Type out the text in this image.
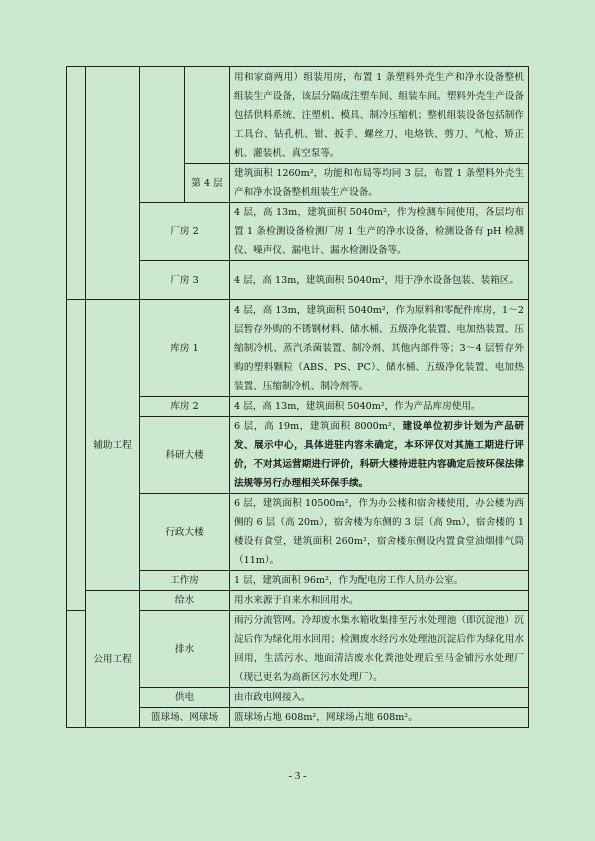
				用和家商两用）组装用房，布置 1 条塑料外壳生产和净水设备整机组装生产设备，该层分隔成注塑车间、组装车间。塑料外壳生产设备包括供料系统、注塑机、模具、制冷压缩机；整机组装设备包括制作工具台、钻孔机、钳、扳手、螺丝刀、电烙铁、剪刀、气枪、矫正机、灌装机、真空泵等。
			第 4 层	建筑面积 1260m²，功能和布局等均同 3 层，布置 1 条塑料外壳生产和净水设备整机组装生产设备。
		厂房 2		4 层，高 13m，建筑面积 5040m²，作为检测车间使用，各层均布置 1 条检测设备检测厂房 1 生产的净水设备，检测设备有 pH 检测仪、噪声仪、漏电计、漏水检测设备等。
		厂房 3		4 层，高 13m，建筑面积 5040m²，用于净水设备包装、装箱区。
	辅助工程	库房 1		4 层，高 13m，建筑面积 5040m²，作为原料和零配件库房，1～2 层暂存外购的不锈钢材料、储水桶、五级净化装置、电加热装置、压缩制冷机、蒸汽杀菌装置、制冷剂、其他内部件等；3～4 层暂存外购的塑料颗粒（ABS、PS、PC）、储水桶、五级净化装置、电加热装置、压缩制冷机、制冷剂等。
		库房 2		4 层，高 13m，建筑面积 5040m²，作为产品库房使用。
		科研大楼		6 层，高 19m，建筑面积 8000m²，建设单位初步计划为产品研发、展示中心，具体进驻内容未确定，本环评仅对其施工期进行评价，不对其运营期进行评价，科研大楼待进驻内容确定后按环保法律法规等另行办理相关环保手续。
		行政大楼		6 层，建筑面积 10500m²，作为办公楼和宿舍楼使用，办公楼为西侧的 6 层（高 20m），宿舍楼为东侧的 3 层（高 9m），宿舍楼的 1 楼设有食堂，建筑面积 260m²，宿舍楼东侧设内置食堂油烟排气筒（11m）。
		工作房		1 层，建筑面积 96m²，作为配电房工作人员办公室。
	公用工程	给水		用水来源于自来水和回用水。
		排水		雨污分流管网。冷却废水集水箱收集排至污水处理池（即沉淀池）沉淀后作为绿化用水回用；检测废水经污水处理池沉淀后作为绿化用水回用，生活污水、地面清洁废水化粪池处理后至马金铺污水处理厂（现已更名为高新区污水处理厂）。
		供电		由市政电网接入。
		篮球场、网球场		篮球场占地 608m²，网球场占地 608m²。
- 3 -
